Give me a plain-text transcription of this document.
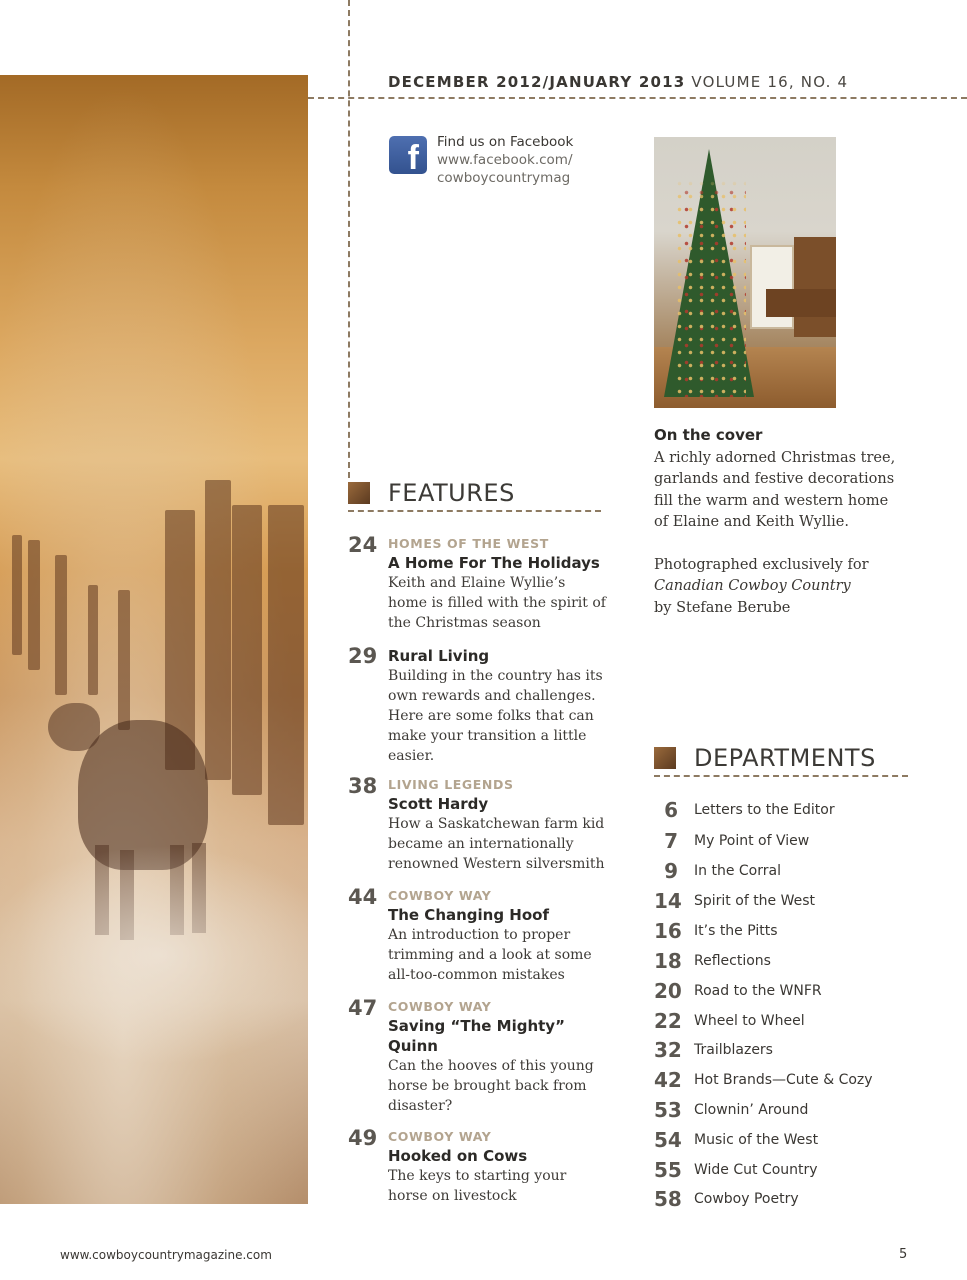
DECEMBER 2012/JANUARY 2013 VOLUME 16, NO. 4
f Find us on Facebook
www.facebook.com/
cowboycountrymag
On the cover
A richly adorned Christmas tree, garlands and festive decorations fill the warm and western home of Elaine and Keith Wyllie.
Photographed exclusively for Canadian Cowboy Country
by Stefane Berube
FEATURES
24 HOMES OF THE WEST
A Home For The Holidays
Keith and Elaine Wyllie’s home is filled with the spirit of the Christmas season
29 Rural Living
Building in the country has its own rewards and challenges. Here are some folks that can make your transition a little easier.
38 LIVING LEGENDS
Scott Hardy
How a Saskatchewan farm kid became an internationally renowned Western silversmith
44 COWBOY WAY
The Changing Hoof
An introduction to proper trimming and a look at some all-too-common mistakes
47 COWBOY WAY
Saving “The Mighty” Quinn
Can the hooves of this young horse be brought back from disaster?
49 COWBOY WAY
Hooked on Cows
The keys to starting your horse on livestock
DEPARTMENTS
6 Letters to the Editor
7 My Point of View
9 In the Corral
14 Spirit of the West
16 It’s the Pitts
18 Reflections
20 Road to the WNFR
22 Wheel to Wheel
32 Trailblazers
42 Hot Brands—Cute & Cozy
53 Clownin’ Around
54 Music of the West
55 Wide Cut Country
58 Cowboy Poetry
www.cowboycountrymagazine.com	5
